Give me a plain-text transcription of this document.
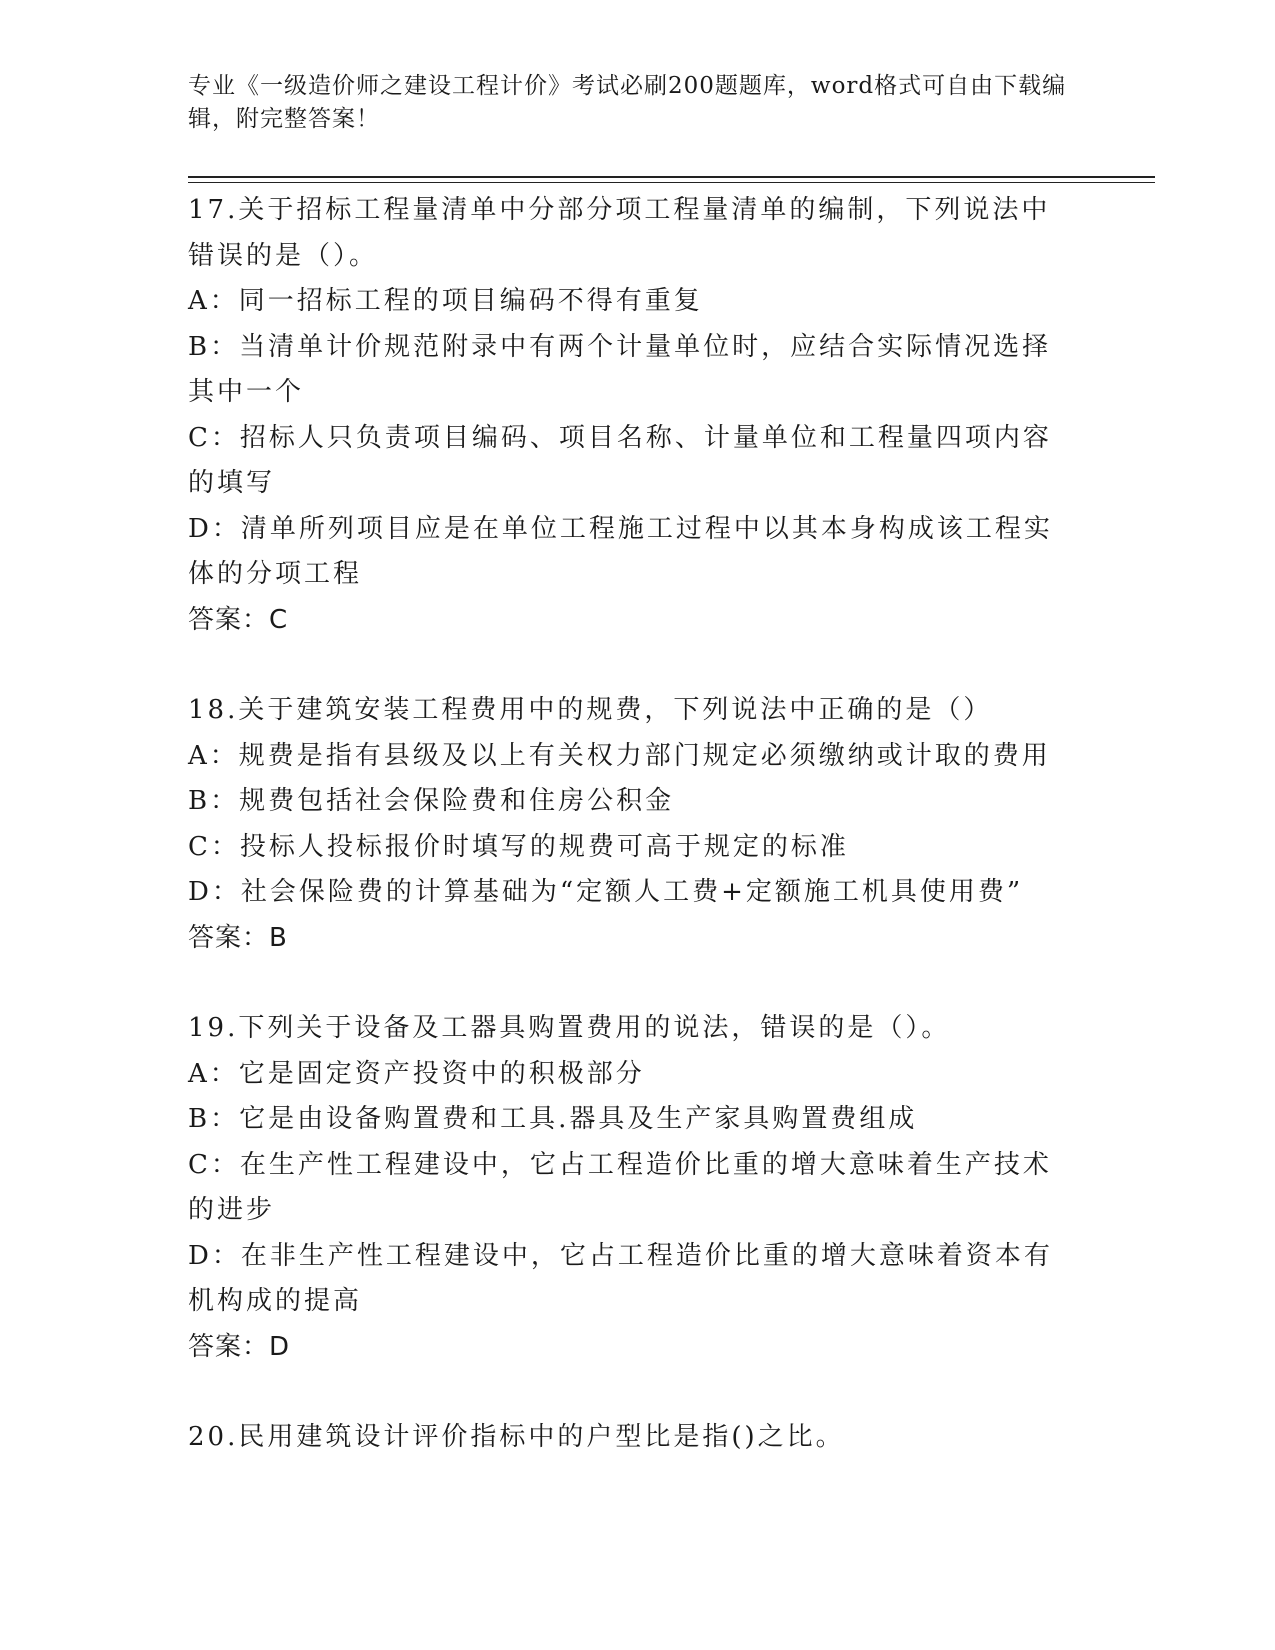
专业《一级造价师之建设工程计价》考试必刷200题题库，word格式可自由下载编辑，附完整答案！

17.关于招标工程量清单中分部分项工程量清单的编制，下列说法中错误的是（）。

A：同一招标工程的项目编码不得有重复

B：当清单计价规范附录中有两个计量单位时，应结合实际情况选择其中一个

C：招标人只负责项目编码、项目名称、计量单位和工程量四项内容的填写

D：清单所列项目应是在单位工程施工过程中以其本身构成该工程实体的分项工程

答案：C

18.关于建筑安装工程费用中的规费，下列说法中正确的是（）

A：规费是指有县级及以上有关权力部门规定必须缴纳或计取的费用

B：规费包括社会保险费和住房公积金

C：投标人投标报价时填写的规费可高于规定的标准

D：社会保险费的计算基础为“定额人工费+定额施工机具使用费”

答案：B

19.下列关于设备及工器具购置费用的说法，错误的是（）。

A：它是固定资产投资中的积极部分

B：它是由设备购置费和工具.器具及生产家具购置费组成

C：在生产性工程建设中，它占工程造价比重的增大意味着生产技术的进步

D：在非生产性工程建设中，它占工程造价比重的增大意味着资本有机构成的提高

答案：D

20.民用建筑设计评价指标中的户型比是指()之比。
